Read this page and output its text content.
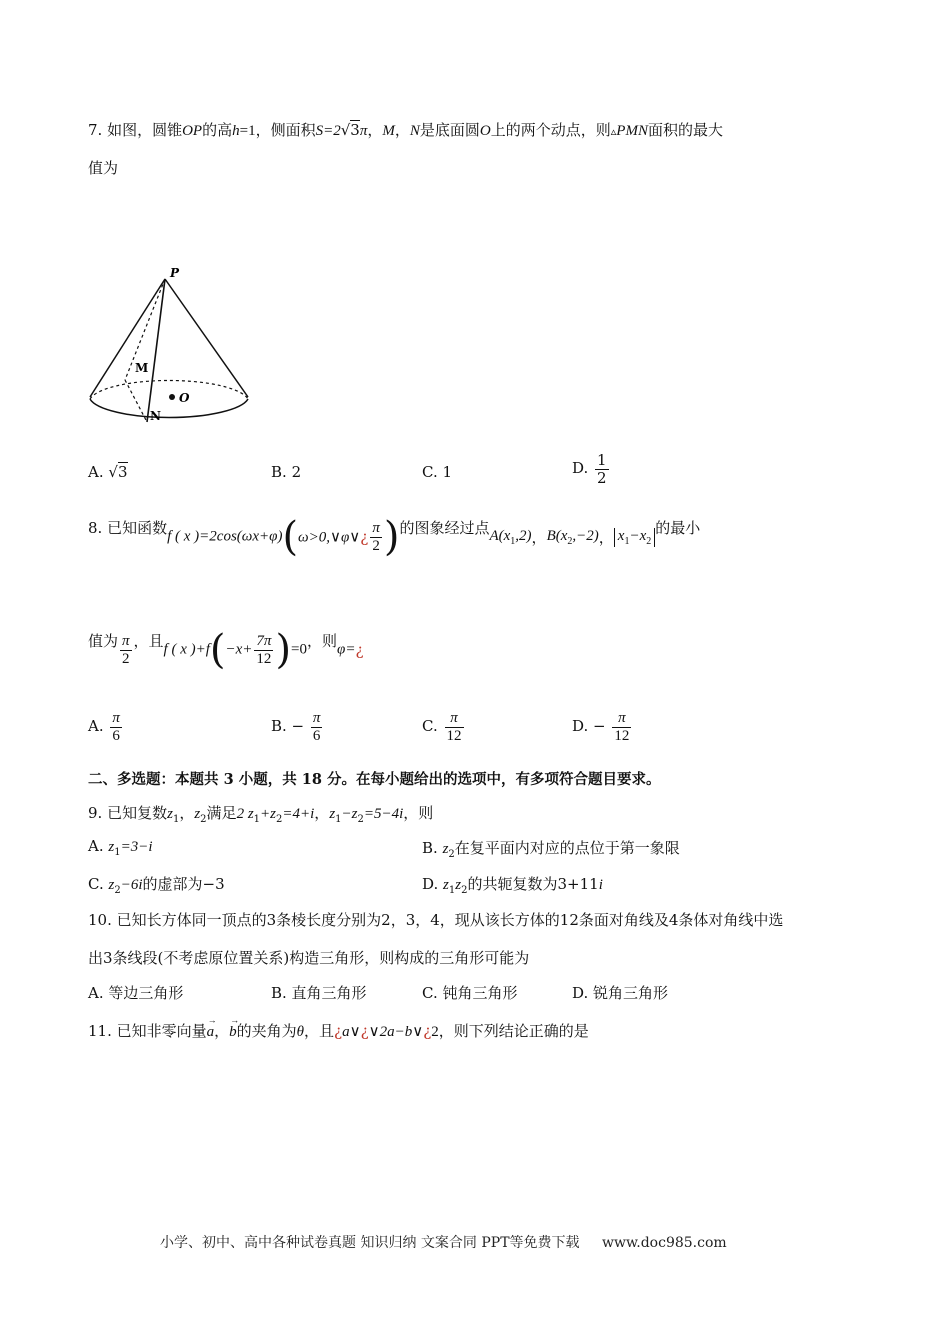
7. 如图，圆锥OP的高h=1，侧面积S=2√3π，M，N是底面圆O上的两个动点，则▵PMN面积的最大
值为
P
M
N
O
A. √3	B. 2	C. 1	D. $\frac{1}{2}$
8. 已知函数f ( x )=2cos(ωx+φ)(ω>0,∨φ∨¿ $\frac{\pi}{2}$ )的图象经过点$A(x_1,2)$，$B(x_2,-2)$， $x_1-x_2$的最小
值为 $\frac{\pi}{2}$ ，且f ( x )$+f(-x+ \frac{7\pi}{12} )=0$，则φ=¿
A. $\frac{\pi}{6}$	B. − $\frac{\pi}{6}$	C. $\frac{\pi}{12}$	D. − $\frac{\pi}{12}$
二、多选题：本题共 3 小题，共 18 分。在每小题给出的选项中，有多项符合题目要求。
9. 已知复数$z_1$，$z_2$满足2 $z_1+z_2=4+i$，$z_1-z_2=5-4i$，则
A. $z_1=3-i$	B. $z_2$在复平面内对应的点位于第一象限
C. $z_2-6i$的虚部为−3	D. $z_1z_2$的共轭复数为3+11i
10. 已知长方体同一顶点的3条棱长度分别为2，3，4，现从该长方体的12条面对角线及4条体对角线中选
出3条线段(不考虑原位置关系)构造三角形，则构成的三角形可能为
A. 等边三角形	B. 直角三角形	C. 钝角三角形	D. 锐角三角形
11. 已知非零向量a
→
，b
→
的夹角为θ，且¿a∨¿∨2a−b∨¿2，则下列结论正确的是
小学、初中、高中各种试卷真题 知识归纳 文案合同 PPT等免费下载 www.doc985.com
